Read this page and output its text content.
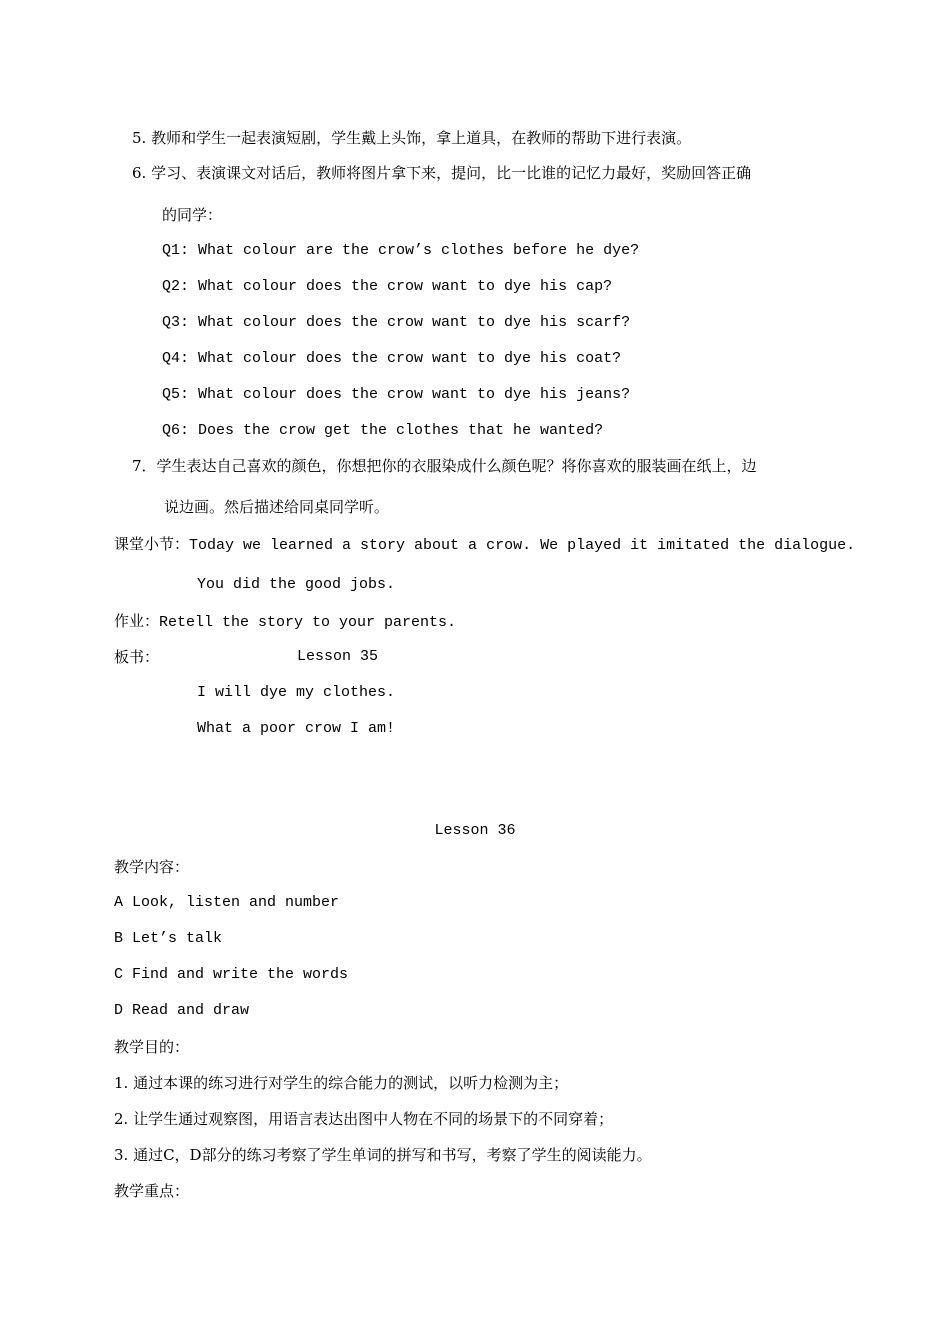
5. 教师和学生一起表演短剧，学生戴上头饰，拿上道具，在教师的帮助下进行表演。
6. 学习、表演课文对话后，教师将图片拿下来，提问，比一比谁的记忆力最好，奖励回答正确
的同学：
Q1: What colour are the crow’s clothes before he dye?
Q2: What colour does the crow want to dye his cap?
Q3: What colour does the crow want to dye his scarf?
Q4: What colour does the crow want to dye his coat?
Q5: What colour does the crow want to dye his jeans?
Q6: Does the crow get the clothes that he wanted?
7．学生表达自己喜欢的颜色，你想把你的衣服染成什么颜色呢？将你喜欢的服装画在纸上，边
说边画。然后描述给同桌同学听。
课堂小节：Today we learned a story about a crow. We played it imitated the dialogue.
You did the good jobs.
作业：Retell the story to your parents.
板书：	Lesson 35
I will dye my clothes.
What a poor crow I am!
Lesson 36
教学内容：
A Look, listen and number
B Let’s talk
C Find and write the words
D Read and draw
教学目的：
1. 通过本课的练习进行对学生的综合能力的测试，以听力检测为主；
2. 让学生通过观察图，用语言表达出图中人物在不同的场景下的不同穿着；
3. 通过C，D部分的练习考察了学生单词的拼写和书写，考察了学生的阅读能力。
教学重点：
